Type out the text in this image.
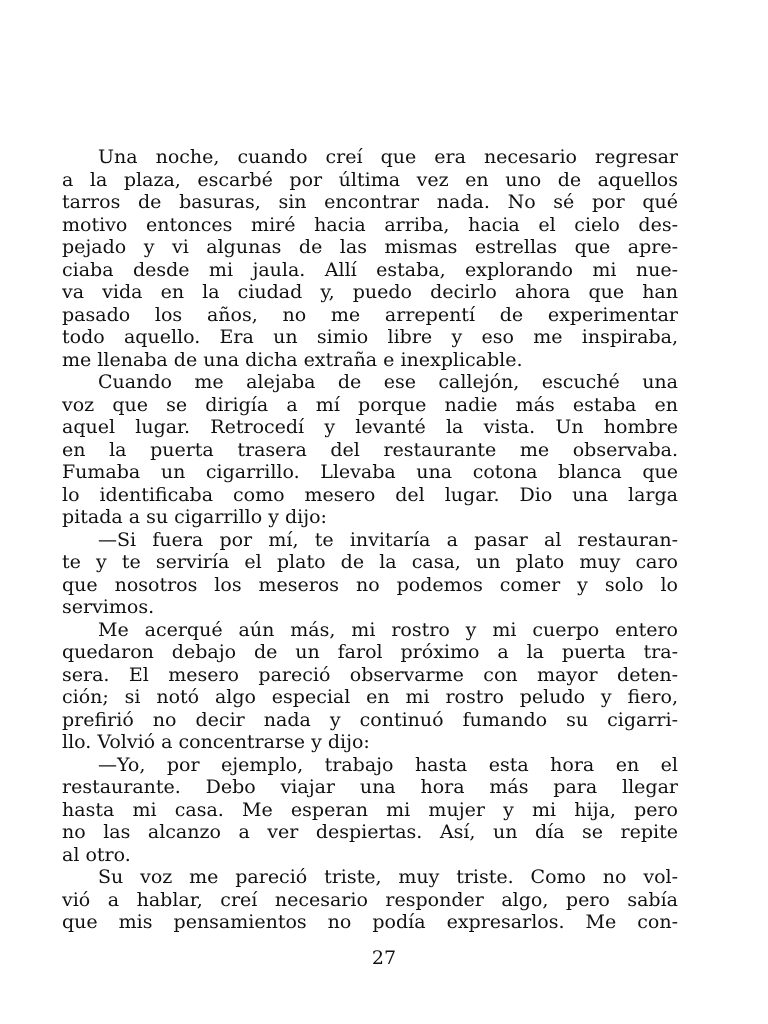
Una noche, cuando creí que era necesario regresar
a la plaza, escarbé por última vez en uno de aquellos
tarros de basuras, sin encontrar nada. No sé por qué
motivo entonces miré hacia arriba, hacia el cielo des-
pejado y vi algunas de las mismas estrellas que apre-
ciaba desde mi jaula. Allí estaba, explorando mi nue-
va vida en la ciudad y, puedo decirlo ahora que han
pasado los años, no me arrepentí de experimentar
todo aquello. Era un simio libre y eso me inspiraba,
me llenaba de una dicha extraña e inexplicable.
Cuando me alejaba de ese callejón, escuché una
voz que se dirigía a mí porque nadie más estaba en
aquel lugar. Retrocedí y levanté la vista. Un hombre
en la puerta trasera del restaurante me observaba.
Fumaba un cigarrillo. Llevaba una cotona blanca que
lo identificaba como mesero del lugar. Dio una larga
pitada a su cigarrillo y dijo:
—Si fuera por mí, te invitaría a pasar al restauran-
te y te serviría el plato de la casa, un plato muy caro
que nosotros los meseros no podemos comer y solo lo
servimos.
Me acerqué aún más, mi rostro y mi cuerpo entero
quedaron debajo de un farol próximo a la puerta tra-
sera. El mesero pareció observarme con mayor deten-
ción; si notó algo especial en mi rostro peludo y fiero,
prefirió no decir nada y continuó fumando su cigarri-
llo. Volvió a concentrarse y dijo:
—Yo, por ejemplo, trabajo hasta esta hora en el
restaurante. Debo viajar una hora más para llegar
hasta mi casa. Me esperan mi mujer y mi hija, pero
no las alcanzo a ver despiertas. Así, un día se repite
al otro.
Su voz me pareció triste, muy triste. Como no vol-
vió a hablar, creí necesario responder algo, pero sabía
que mis pensamientos no podía expresarlos. Me con-
27
